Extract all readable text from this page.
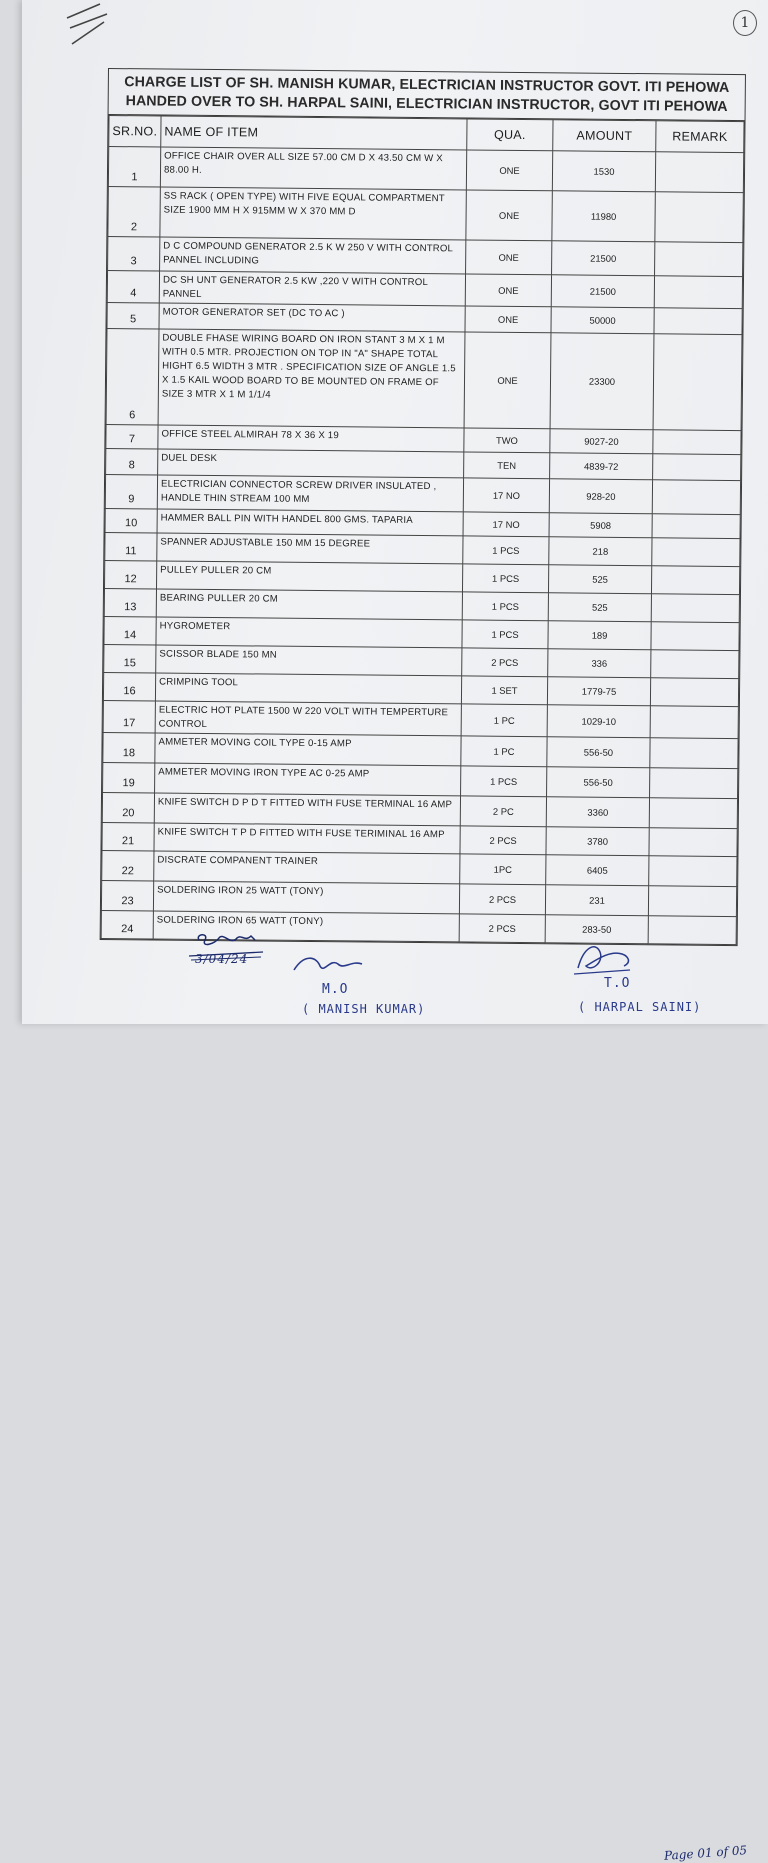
1
CHARGE LIST OF SH. MANISH KUMAR, ELECTRICIAN INSTRUCTOR GOVT. ITI PEHOWA HANDED OVER TO SH. HARPAL SAINI, ELECTRICIAN INSTRUCTOR, GOVT ITI PEHOWA
SR.NO.	NAME OF ITEM	QUA.	AMOUNT	REMARK
1	OFFICE CHAIR OVER ALL SIZE 57.00 CM D X 43.50 CM W X 88.00 H.	ONE	1530	
2	SS RACK ( OPEN TYPE) WITH FIVE EQUAL COMPARTMENT SIZE 1900 MM H X 915MM W X 370 MM D	ONE	11980	
3	D C COMPOUND GENERATOR 2.5 K W 250 V WITH CONTROL PANNEL INCLUDING	ONE	21500	
4	DC SH UNT GENERATOR 2.5 KW ,220 V WITH CONTROL PANNEL	ONE	21500	
5	MOTOR GENERATOR SET (DC TO AC )	ONE	50000	
6	DOUBLE FHASE WIRING BOARD ON IRON STANT 3 M X 1 M WITH 0.5 MTR. PROJECTION ON TOP IN "A" SHAPE TOTAL HIGHT 6.5 WIDTH 3 MTR . SPECIFICATION SIZE OF ANGLE 1.5 X 1.5 KAIL WOOD BOARD TO BE MOUNTED ON FRAME OF SIZE 3 MTR X 1 M 1/1/4	ONE	23300	
7	OFFICE STEEL ALMIRAH 78 X 36 X 19	TWO	9027-20	
8	DUEL DESK	TEN	4839-72	
9	ELECTRICIAN CONNECTOR SCREW DRIVER INSULATED , HANDLE THIN STREAM 100 MM	17 NO	928-20	
10	HAMMER BALL PIN WITH HANDEL 800 GMS. TAPARIA	17 NO	5908	
11	SPANNER ADJUSTABLE 150 MM 15 DEGREE	1 PCS	218	
12	PULLEY PULLER 20 CM	1 PCS	525	
13	BEARING PULLER 20 CM	1 PCS	525	
14	HYGROMETER	1 PCS	189	
15	SCISSOR BLADE 150 MN	2 PCS	336	
16	CRIMPING TOOL	1 SET	1779-75	
17	ELECTRIC HOT PLATE 1500 W 220 VOLT WITH TEMPERTURE CONTROL	1 PC	1029-10	
18	AMMETER MOVING COIL TYPE 0-15 AMP	1 PC	556-50	
19	AMMETER MOVING IRON TYPE AC 0-25 AMP	1 PCS	556-50	
20	KNIFE SWITCH D P D T FITTED WITH FUSE TERMINAL 16 AMP	2 PC	3360	
21	KNIFE SWITCH T P D FITTED WITH FUSE TERIMINAL 16 AMP	2 PCS	3780	
22	DISCRATE COMPANENT TRAINER	1PC	6405	
23	SOLDERING IRON 25 WATT (TONY)	2 PCS	231	
24	SOLDERING IRON 65 WATT (TONY)	2 PCS	283-50	
Page 01 of 05
3/04/24
M.O
( MANISH KUMAR)
T.O
( HARPAL SAINI)
